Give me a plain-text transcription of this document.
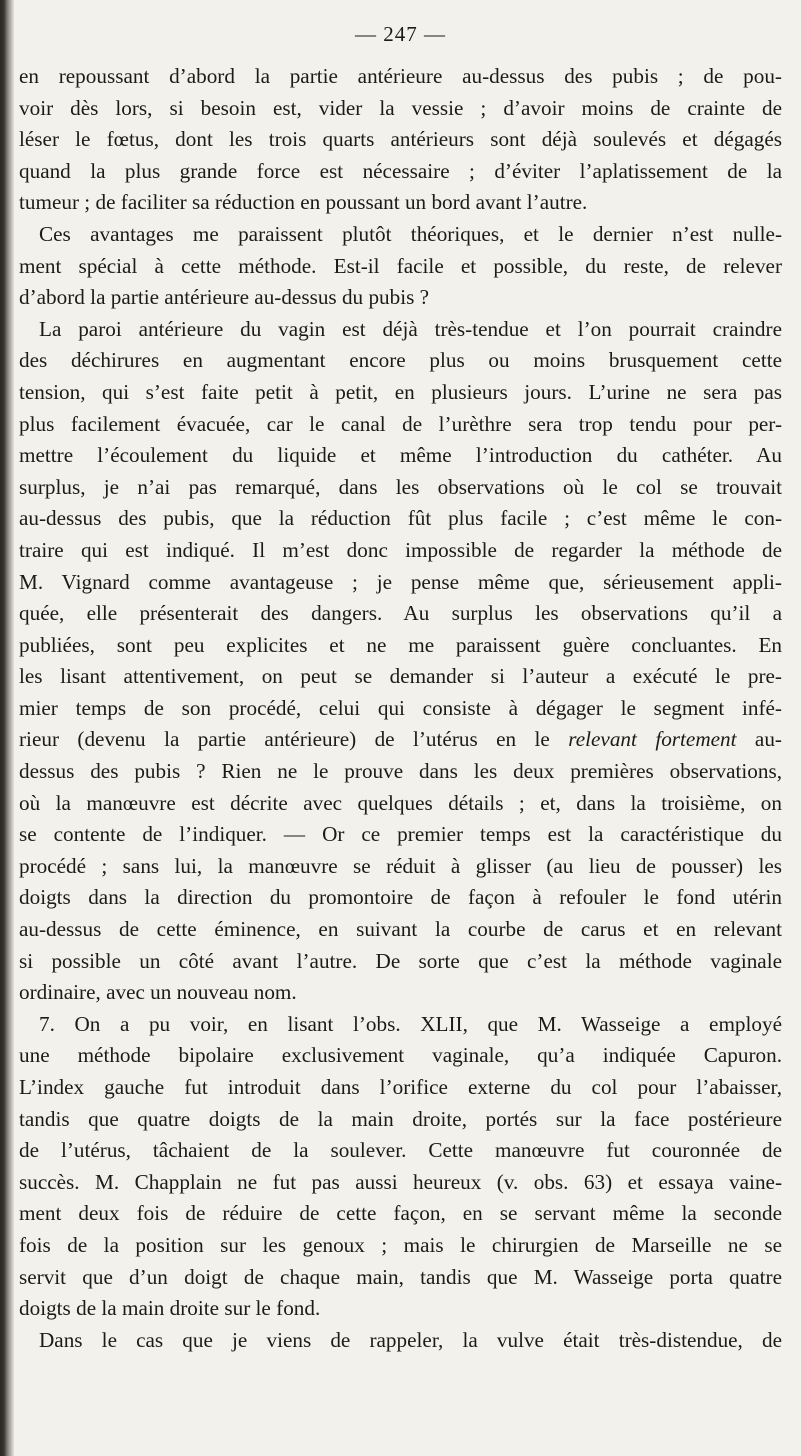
— 247 —
en repoussant d’abord la partie antérieure au-dessus des pubis ; de pou-
voir dès lors, si besoin est, vider la vessie ; d’avoir moins de crainte de
léser le fœtus, dont les trois quarts antérieurs sont déjà soulevés et dégagés
quand la plus grande force est nécessaire ; d’éviter l’aplatissement de la
tumeur ; de faciliter sa réduction en poussant un bord avant l’autre.
Ces avantages me paraissent plutôt théoriques, et le dernier n’est nulle-
ment spécial à cette méthode. Est-il facile et possible, du reste, de relever
d’abord la partie antérieure au-dessus du pubis ?
La paroi antérieure du vagin est déjà très-tendue et l’on pourrait craindre
des déchirures en augmentant encore plus ou moins brusquement cette
tension, qui s’est faite petit à petit, en plusieurs jours. L’urine ne sera pas
plus facilement évacuée, car le canal de l’urèthre sera trop tendu pour per-
mettre l’écoulement du liquide et même l’introduction du cathéter. Au
surplus, je n’ai pas remarqué, dans les observations où le col se trouvait
au-dessus des pubis, que la réduction fût plus facile ; c’est même le con-
traire qui est indiqué. Il m’est donc impossible de regarder la méthode de
M. Vignard comme avantageuse ; je pense même que, sérieusement appli-
quée, elle présenterait des dangers. Au surplus les observations qu’il a
publiées, sont peu explicites et ne me paraissent guère concluantes. En
les lisant attentivement, on peut se demander si l’auteur a exécuté le pre-
mier temps de son procédé, celui qui consiste à dégager le segment infé-
rieur (devenu la partie antérieure) de l’utérus en le relevant fortement au-
dessus des pubis ? Rien ne le prouve dans les deux premières observations,
où la manœuvre est décrite avec quelques détails ; et, dans la troisième, on
se contente de l’indiquer. — Or ce premier temps est la caractéristique du
procédé ; sans lui, la manœuvre se réduit à glisser (au lieu de pousser) les
doigts dans la direction du promontoire de façon à refouler le fond utérin
au-dessus de cette éminence, en suivant la courbe de carus et en relevant
si possible un côté avant l’autre. De sorte que c’est la méthode vaginale
ordinaire, avec un nouveau nom.
7. On a pu voir, en lisant l’obs. XLII, que M. Wasseige a employé
une méthode bipolaire exclusivement vaginale, qu’a indiquée Capuron.
L’index gauche fut introduit dans l’orifice externe du col pour l’abaisser,
tandis que quatre doigts de la main droite, portés sur la face postérieure
de l’utérus, tâchaient de la soulever. Cette manœuvre fut couronnée de
succès. M. Chapplain ne fut pas aussi heureux (v. obs. 63) et essaya vaine-
ment deux fois de réduire de cette façon, en se servant même la seconde
fois de la position sur les genoux ; mais le chirurgien de Marseille ne se
servit que d’un doigt de chaque main, tandis que M. Wasseige porta quatre
doigts de la main droite sur le fond.
Dans le cas que je viens de rappeler, la vulve était très-distendue, de
